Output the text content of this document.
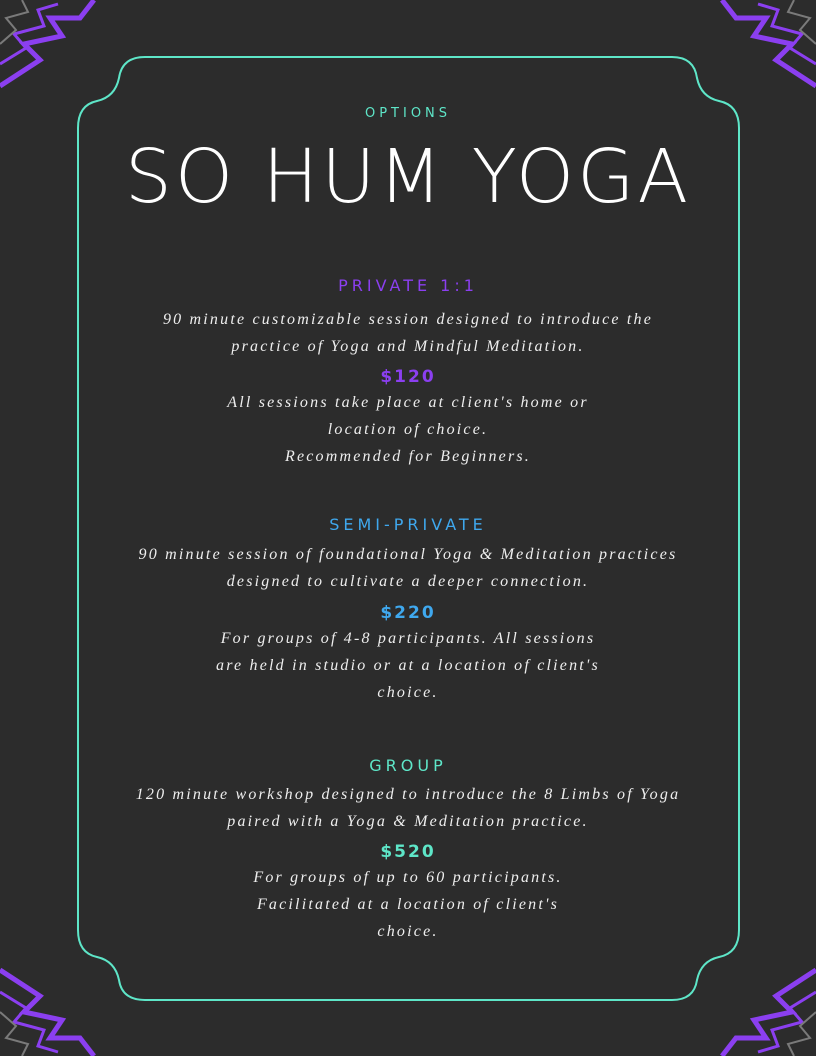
OPTIONS
SO HUM YOGA
PRIVATE 1:1
90 minute customizable session designed to introduce the
practice of Yoga and Mindful Meditation.
$120
All sessions take place at client's home or
location of choice.
Recommended for Beginners.
SEMI-PRIVATE
90 minute session of foundational Yoga & Meditation practices
designed to cultivate a deeper connection.
$220
For groups of 4-8 participants. All sessions
are held in studio or at a location of client's
choice.
GROUP
120 minute workshop designed to introduce the 8 Limbs of Yoga
paired with a Yoga & Meditation practice.
$520
For groups of up to 60 participants.
Facilitated at a location of client's
choice.
